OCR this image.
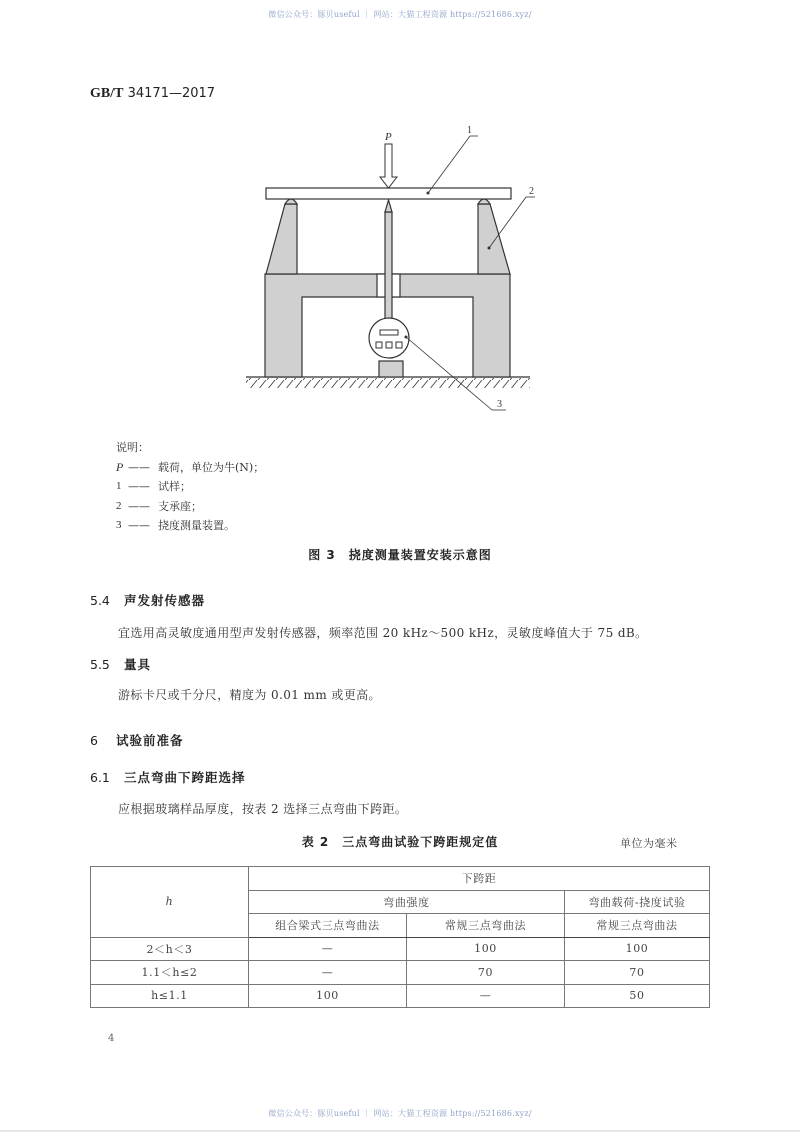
微信公众号：豚贝useful ｜ 网站：大猫工程资源 https://521686.xyz/
GB/T 34171—2017
P
1
2
3
说明：
P —— 载荷，单位为牛(N)；
1 —— 试样；
2 —— 支承座；
3 —— 挠度测量装置。
图 3　挠度测量装置安装示意图
5.4 声发射传感器
宜选用高灵敏度通用型声发射传感器，频率范围 20 kHz～500 kHz，灵敏度峰值大于 75 dB。
5.5 量具
游标卡尺或千分尺，精度为 0.01 mm 或更高。
6 试验前准备
6.1 三点弯曲下跨距选择
应根据玻璃样品厚度，按表 2 选择三点弯曲下跨距。
表 2　三点弯曲试验下跨距规定值	单位为毫米
h	下跨距		
	弯曲强度		弯曲载荷-挠度试验
	组合梁式三点弯曲法	常规三点弯曲法	常规三点弯曲法
2＜h＜3	—	100	100
1.1＜h≤2	—	70	70
h≤1.1	100	—	50
4
微信公众号：豚贝useful ｜ 网站：大猫工程资源 https://521686.xyz/
